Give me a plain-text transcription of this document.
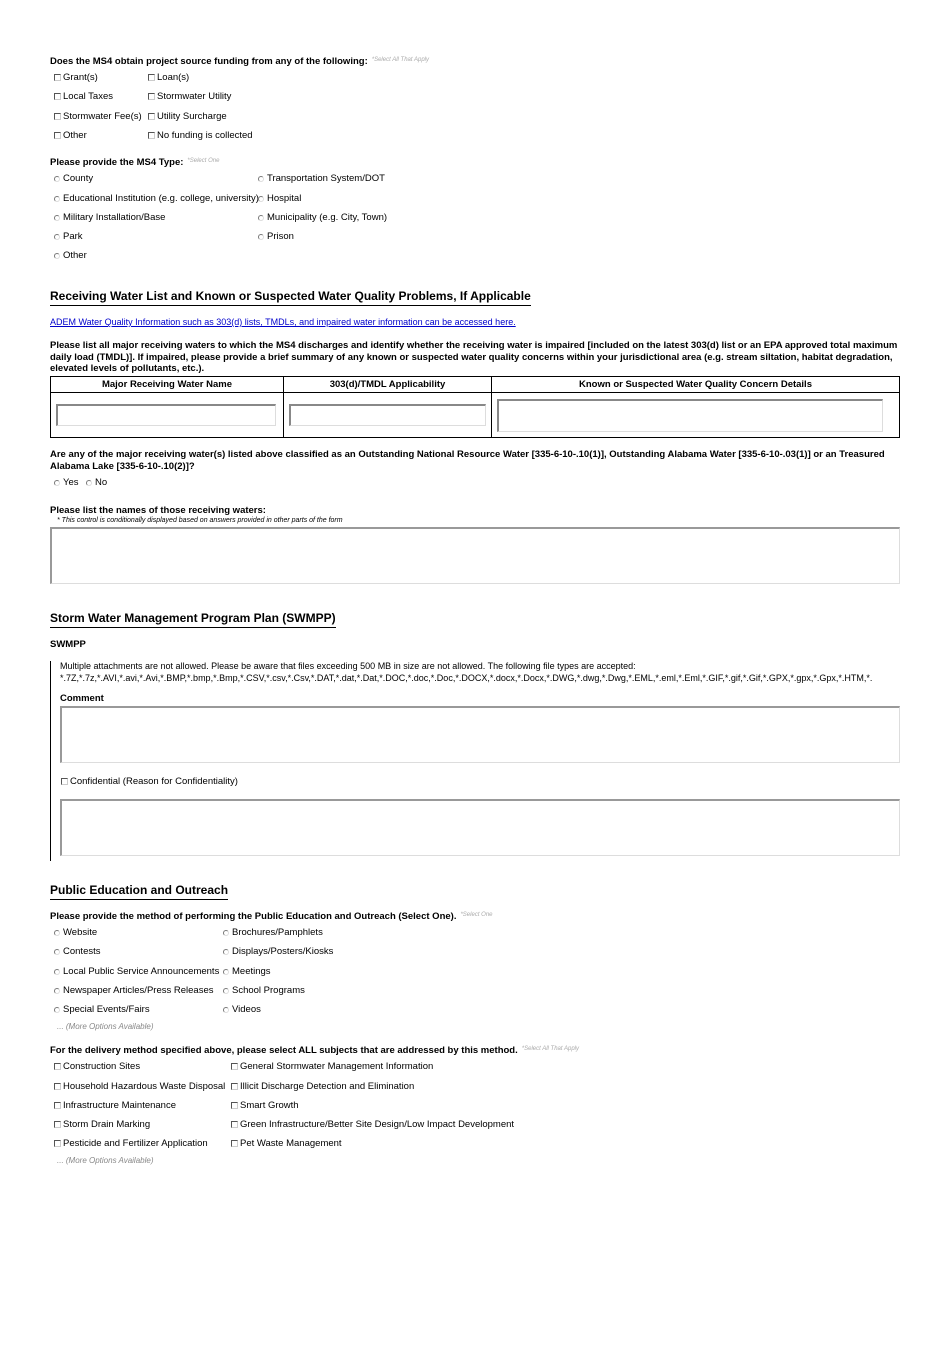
Does the MS4 obtain project source funding from any of the following: $^{*Select All That Apply}$
Grant(s)	Loan(s)
Local Taxes	Stormwater Utility
Stormwater Fee(s) Utility Surcharge
Other	No funding is collected
Please provide the MS4 Type: $^{*Select One}$
County	Transportation System/DOT
Educational Institution (e.g. college, university) Hospital
Military Installation/Base	Municipality (e.g. City, Town)
Park	Prison
Other
Receiving Water List and Known or Suspected Water Quality Problems, If Applicable
ADEM Water Quality Information such as 303(d) lists, TMDLs, and impaired water information can be accessed here.
Please list all major receiving waters to which the MS4 discharges and identify whether the receiving water is impaired [included on the latest 303(d) list or an EPA approved total maximum daily load (TMDL)]. If impaired, please provide a brief summary of any known or suspected water quality concerns within your jurisdictional area (e.g. stream siltation, habitat degradation, elevated levels of pollutants, etc.).
Major Receiving Water Name	303(d)/TMDL Applicability	Known or Suspected Water Quality Concern Details

Are any of the major receiving water(s) listed above classified as an Outstanding National Resource Water [335-6-10-.10(1)], Outstanding Alabama Water [335-6-10-.03(1)] or an Treasured Alabama Lake [335-6-10-.10(2)]?
Yes No
Please list the names of those receiving waters:
* This control is conditionally displayed based on answers provided in other parts of the form
Storm Water Management Program Plan (SWMPP)
SWMPP
Multiple attachments are not allowed. Please be aware that files exceeding 500 MB in size are not allowed. The following file types are accepted:
*.7Z,*.7z,*.AVI,*.avi,*.Avi,*.BMP,*.bmp,*.Bmp,*.CSV,*.csv,*.Csv,*.DAT,*.dat,*.Dat,*.DOC,*.doc,*.Doc,*.DOCX,*.docx,*.Docx,*.DWG,*.dwg,*.Dwg,*.EML,*.eml,*.Eml,*.GIF,*.gif,*.Gif,*.GPX,*.gpx,*.Gpx,*.HTM,*.
Comment
Confidential (Reason for Confidentiality)
Public Education and Outreach
Please provide the method of performing the Public Education and Outreach (Select One). $^{*Select One}$
Website	Brochures/Pamphlets
Contests	Displays/Posters/Kiosks
Local Public Service Announcements Meetings
Newspaper Articles/Press Releases School Programs
Special Events/Fairs	Videos
... (More Options Available)
For the delivery method specified above, please select ALL subjects that are addressed by this method. $^{*Select All That Apply}$
Construction Sites	General Stormwater Management Information
Household Hazardous Waste Disposal Illicit Discharge Detection and Elimination
Infrastructure Maintenance	Smart Growth
Storm Drain Marking	Green Infrastructure/Better Site Design/Low Impact Development
Pesticide and Fertilizer Application	Pet Waste Management
... (More Options Available)
